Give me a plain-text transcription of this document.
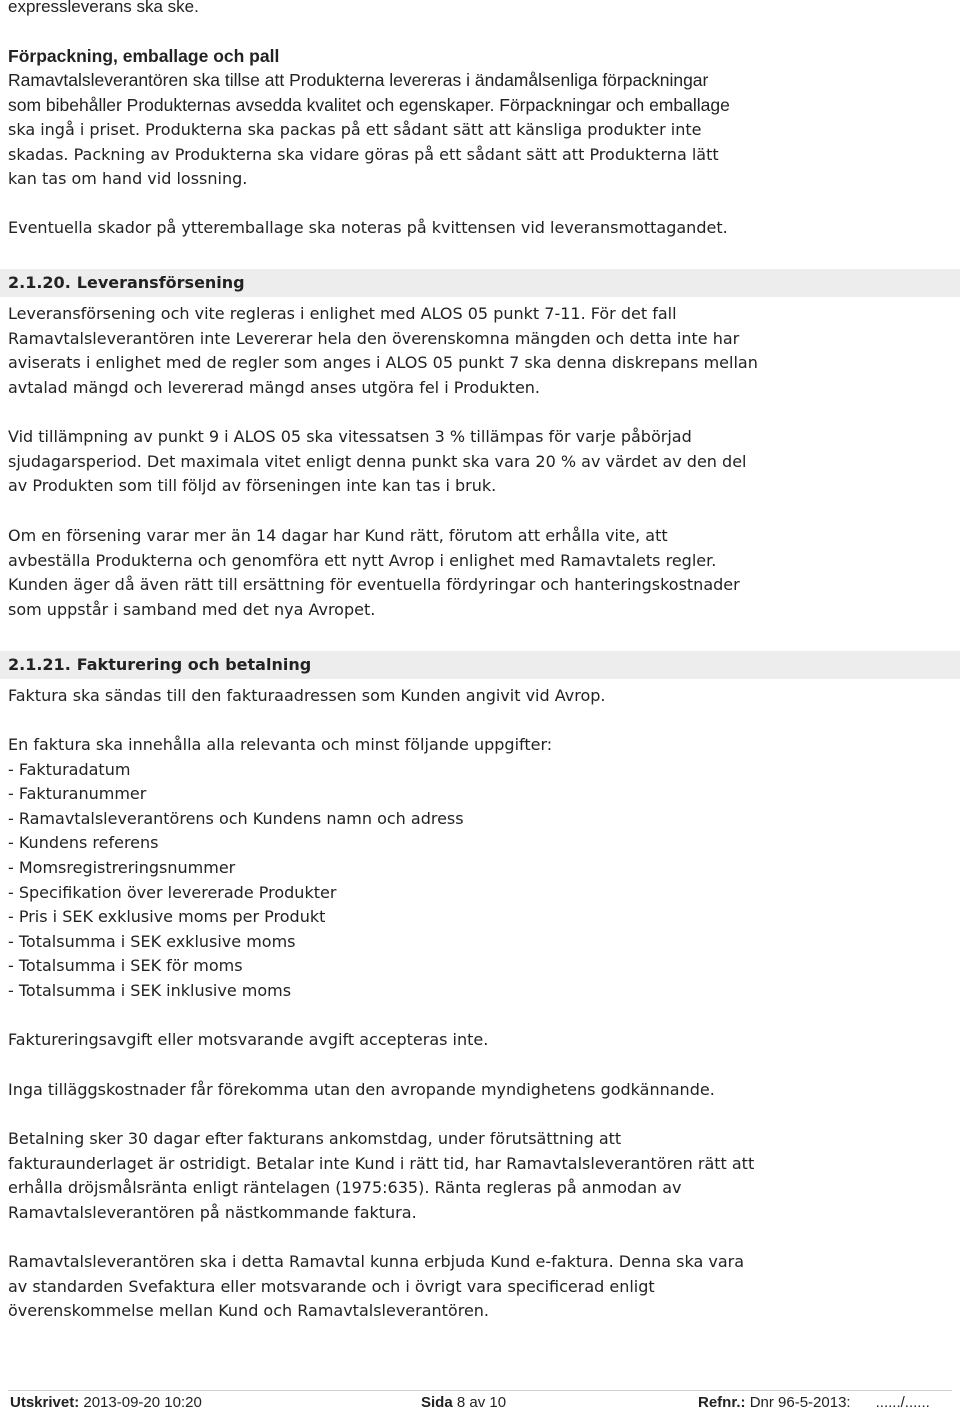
expressleverans ska ske.
Förpackning, emballage och pall
Ramavtalsleverantören ska tillse att Produkterna levereras i ändamålsenliga förpackningar
som bibehåller Produkternas avsedda kvalitet och egenskaper. Förpackningar och emballage
ska ingå i priset. Produkterna ska packas på ett sådant sätt att känsliga produkter inte
skadas. Packning av Produkterna ska vidare göras på ett sådant sätt att Produkterna lätt
kan tas om hand vid lossning.
Eventuella skador på ytteremballage ska noteras på kvittensen vid leveransmottagandet.
2.1.20. Leveransförsening
Leveransförsening och vite regleras i enlighet med ALOS 05 punkt 7-11. För det fall
Ramavtalsleverantören inte Levererar hela den överenskomna mängden och detta inte har
aviserats i enlighet med de regler som anges i ALOS 05 punkt 7 ska denna diskrepans mellan
avtalad mängd och levererad mängd anses utgöra fel i Produkten.
Vid tillämpning av punkt 9 i ALOS 05 ska vitessatsen 3 % tillämpas för varje påbörjad
sjudagarsperiod. Det maximala vitet enligt denna punkt ska vara 20 % av värdet av den del
av Produkten som till följd av förseningen inte kan tas i bruk.
Om en försening varar mer än 14 dagar har Kund rätt, förutom att erhålla vite, att
avbeställa Produkterna och genomföra ett nytt Avrop i enlighet med Ramavtalets regler.
Kunden äger då även rätt till ersättning för eventuella fördyringar och hanteringskostnader
som uppstår i samband med det nya Avropet.
2.1.21. Fakturering och betalning
Faktura ska sändas till den fakturaadressen som Kunden angivit vid Avrop.
En faktura ska innehålla alla relevanta och minst följande uppgifter:
- Fakturadatum
- Fakturanummer
- Ramavtalsleverantörens och Kundens namn och adress
- Kundens referens
- Momsregistreringsnummer
- Specifikation över levererade Produkter
- Pris i SEK exklusive moms per Produkt
- Totalsumma i SEK exklusive moms
- Totalsumma i SEK för moms
- Totalsumma i SEK inklusive moms
Faktureringsavgift eller motsvarande avgift accepteras inte.
Inga tilläggskostnader får förekomma utan den avropande myndighetens godkännande.
Betalning sker 30 dagar efter fakturans ankomstdag, under förutsättning att
fakturaunderlaget är ostridigt. Betalar inte Kund i rätt tid, har Ramavtalsleverantören rätt att
erhålla dröjsmålsränta enligt räntelagen (1975:635). Ränta regleras på anmodan av
Ramavtalsleverantören på nästkommande faktura.
Ramavtalsleverantören ska i detta Ramavtal kunna erbjuda Kund e-faktura. Denna ska vara
av standarden Svefaktura eller motsvarande och i övrigt vara specificerad enligt
överenskommelse mellan Kund och Ramavtalsleverantören.
Utskrivet: 2013-09-20 10:20	Sida 8 av 10	Refnr.: Dnr 96-5-2013: ....../......
